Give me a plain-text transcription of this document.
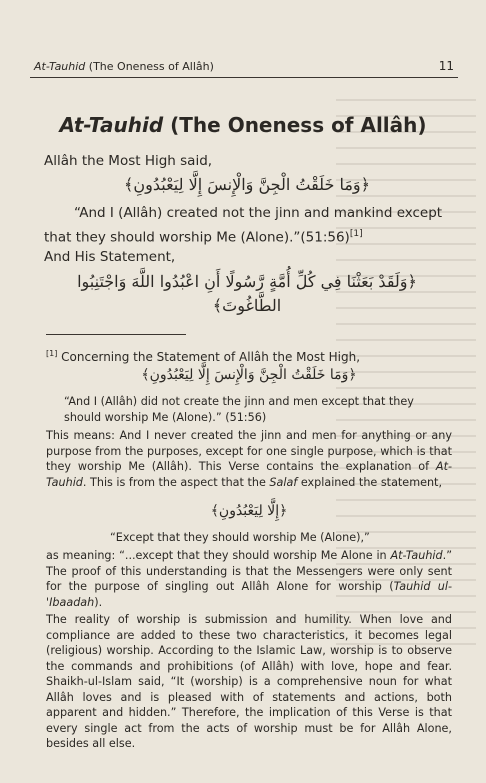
At-Tauhid (The Oneness of Allâh)	11
At-Tauhid (The Oneness of Allâh)
Allâh the Most High said,
﴿وَمَا خَلَقْتُ الْجِنَّ وَالْإِنسَ إِلَّا لِيَعْبُدُونِ﴾
“And I (Allâh) created not the jinn and mankind except that they should worship Me (Alone).”(51:56)[1]
And His Statement,
﴿وَلَقَدْ بَعَثْنَا فِي كُلِّ أُمَّةٍ رَّسُولًا أَنِ اعْبُدُوا اللَّهَ وَاجْتَنِبُوا الطَّاغُوتَ﴾
[1] Concerning the Statement of Allâh the Most High,
﴿وَمَا خَلَقْتُ الْجِنَّ وَالْإِنسَ إِلَّا لِيَعْبُدُونِ﴾
“And I (Allâh) did not create the jinn and men except that they should worship Me (Alone).” (51:56)
This means: And I never created the jinn and men for anything or any purpose from the purposes, except for one single purpose, which is that they worship Me (Allâh). This Verse contains the explanation of At-Tauhid. This is from the aspect that the Salaf explained the statement,
﴿إِلَّا لِيَعْبُدُونِ﴾
“Except that they should worship Me (Alone),”
as meaning: “...except that they should worship Me Alone in At-Tauhid.” The proof of this understanding is that the Messengers were only sent for the purpose of singling out Allâh Alone for worship (Tauhid ul-'Ibaadah).
The reality of worship is submission and humility. When love and compliance are added to these two characteristics, it becomes legal (religious) worship. According to the Islamic Law, worship is to observe the commands and prohibitions (of Allâh) with love, hope and fear. Shaikh-ul-Islam said, “It (worship) is a comprehensive noun for what Allâh loves and is pleased with of statements and actions, both apparent and hidden.” Therefore, the implication of this Verse is that every single act from the acts of worship must be for Allâh Alone, besides all else.
